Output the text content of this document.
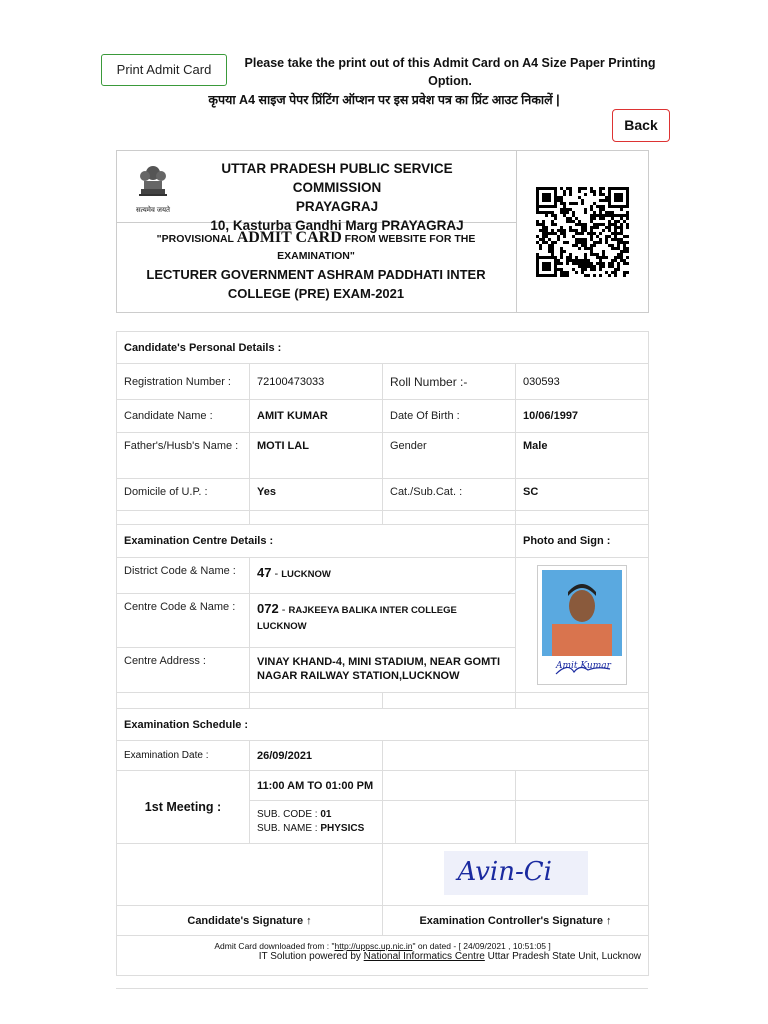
Print Admit Card	Please take the print out of this Admit Card on A4 Size Paper Printing Option.
कृपया A4 साइज पेपर प्रिंटिंग ऑप्शन पर इस प्रवेश पत्र का प्रिंट आउट निकालें |
Back
सत्यमेव जयते
UTTAR PRADESH PUBLIC SERVICE COMMISSION
PRAYAGRAJ
10, Kasturba Gandhi Marg PRAYAGRAJ
"PROVISIONAL ADMIT CARD FROM WEBSITE FOR THE EXAMINATION"
LECTURER GOVERNMENT ASHRAM PADDHATI INTER COLLEGE (PRE) EXAM-2021
Candidate's Personal Details :			
Registration Number :	72100473033	Roll Number :-	030593
Candidate Name :	AMIT KUMAR	Date Of Birth :	10/06/1997
Father's/Husb's Name :	MOTI LAL	Gender	Male
Domicile of U.P. :	Yes	Cat./Sub.Cat. :	SC

Examination Centre Details :			Photo and Sign :
District Code & Name :	47 - LUCKNOW		Amit Kumar

Centre Code & Name :	072 - RAJKEEYA BALIKA INTER COLLEGE LUCKNOW		
Centre Address :	VINAY KHAND-4, MINI STADIUM, NEAR GOMTI NAGAR RAILWAY STATION,LUCKNOW		

Examination Schedule :			
Examination Date :	26/09/2021		
1st Meeting :	11:00 AM TO 01:00 PM		

	SUB. CODE : 01
SUB. NAME : PHYSICS		

		Avin-Ci	

Candidate's Signature ↑		Examination Controller's Signature ↑	

Admit Card downloaded from : "http://uppsc.up.nic.in" on dated - [ 24/09/2021 , 10:51:05 ]
IT Solution powered by National Informatics Centre Uttar Pradesh State Unit, Lucknow			
